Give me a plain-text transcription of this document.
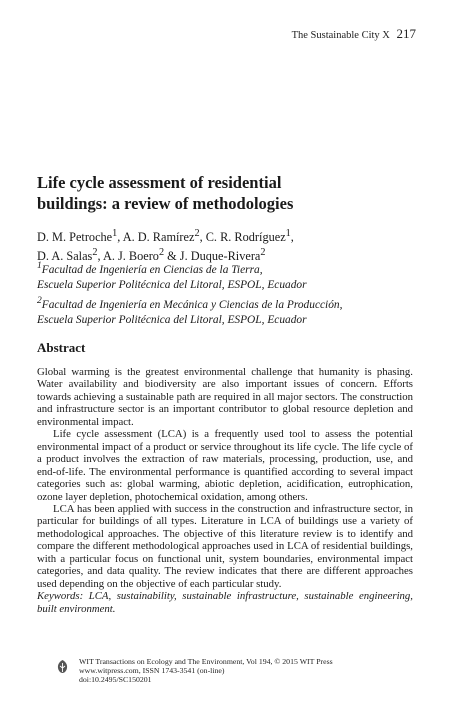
The Sustainable City X 217
Life cycle assessment of residential
buildings: a review of methodologies
D. M. Petroche$^1$, A. D. Ramírez$^2$, C. R. Rodríguez$^1$,
D. A. Salas$^2$, A. J. Boero$^2$ & J. Duque-Rivera$^2$
$^1$Facultad de Ingeniería en Ciencias de la Tierra,
Escuela Superior Politécnica del Litoral, ESPOL, Ecuador
$^2$Facultad de Ingeniería en Mecánica y Ciencias de la Producción,
Escuela Superior Politécnica del Litoral, ESPOL, Ecuador
Abstract

Global warming is the greatest environmental challenge that humanity is phasing. Water availability and biodiversity are also important issues of concern. Efforts towards achieving a sustainable path are required in all major sectors. The construction and infrastructure sector is an important contributor to global resource depletion and environmental impact.

Life cycle assessment (LCA) is a frequently used tool to assess the potential environmental impact of a product or service throughout its life cycle. The life cycle of a product involves the extraction of raw materials, processing, production, use, and end-of-life. The environmental performance is quantified according to several impact categories such as: global warming, abiotic depletion, acidification, eutrophication, ozone layer depletion, photochemical oxidation, among others.

LCA has been applied with success in the construction and infrastructure sector, in particular for buildings of all types. Literature in LCA of buildings use a variety of methodological approaches. The objective of this literature review is to identify and compare the different methodological approaches used in LCA of residential buildings, with a particular focus on functional unit, system boundaries, environmental impact categories, and data quality. The review indicates that there are different approaches used depending on the objective of each particular study.

Keywords: LCA, sustainability, sustainable infrastructure, sustainable engineering, built environment.

WIT Transactions on Ecology and The Environment, Vol 194, © 2015 WIT Press
www.witpress.com, ISSN 1743-3541 (on-line)
doi:10.2495/SC150201
